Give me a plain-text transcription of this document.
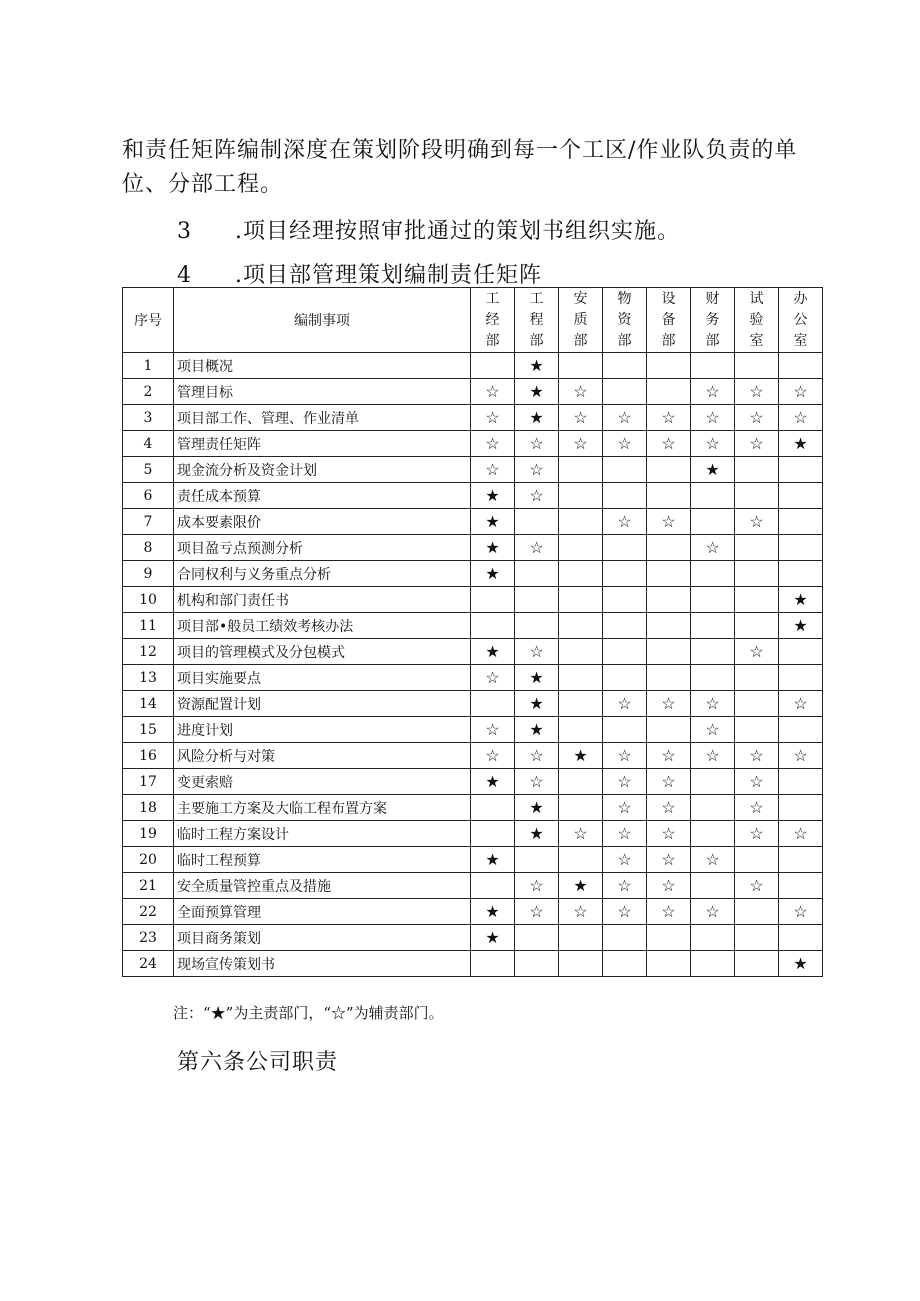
和责任矩阵编制深度在策划阶段明确到每一个工区/作业队负责的单位、分部工程。
3 .项目经理按照审批通过的策划书组织实施。
4 .项目部管理策划编制责任矩阵
序号	编制事项	工
经
部	工
程
部	安
质
部	物
资
部	设
备
部	财
务
部	试
验
室	办
公
室

1	项目概况		★						
2	管理目标	☆	★	☆			☆	☆	☆
3	项目部工作、管理、作业清单	☆	★	☆	☆	☆	☆	☆	☆
4	管理责任矩阵	☆	☆	☆	☆	☆	☆	☆	★
5	现金流分析及资金计划	☆	☆				★		
6	责任成本预算	★	☆						
7	成本要素限价	★			☆	☆		☆	
8	项目盈亏点预测分析	★	☆				☆		
9	合同权利与义务重点分析	★							
10	机构和部门责任书								★
11	项目部•般员工绩效考核办法								★
12	项目的管理模式及分包模式	★	☆					☆	
13	项目实施要点	☆	★						
14	资源配置计划		★		☆	☆	☆		☆
15	进度计划	☆	★				☆		
16	风险分析与对策	☆	☆	★	☆	☆	☆	☆	☆
17	变更索赔	★	☆		☆	☆		☆	
18	主要施工方案及大临工程布置方案		★		☆	☆		☆	
19	临时工程方案设计		★	☆	☆	☆		☆	☆
20	临时工程预算	★			☆	☆	☆		
21	安全质量管控重点及措施		☆	★	☆	☆		☆	
22	全面预算管理	★	☆	☆	☆	☆	☆		☆
23	项目商务策划	★							
24	现场宣传策划书								★
注：“★”为主责部门，“☆”为辅责部门。
第六条公司职责
